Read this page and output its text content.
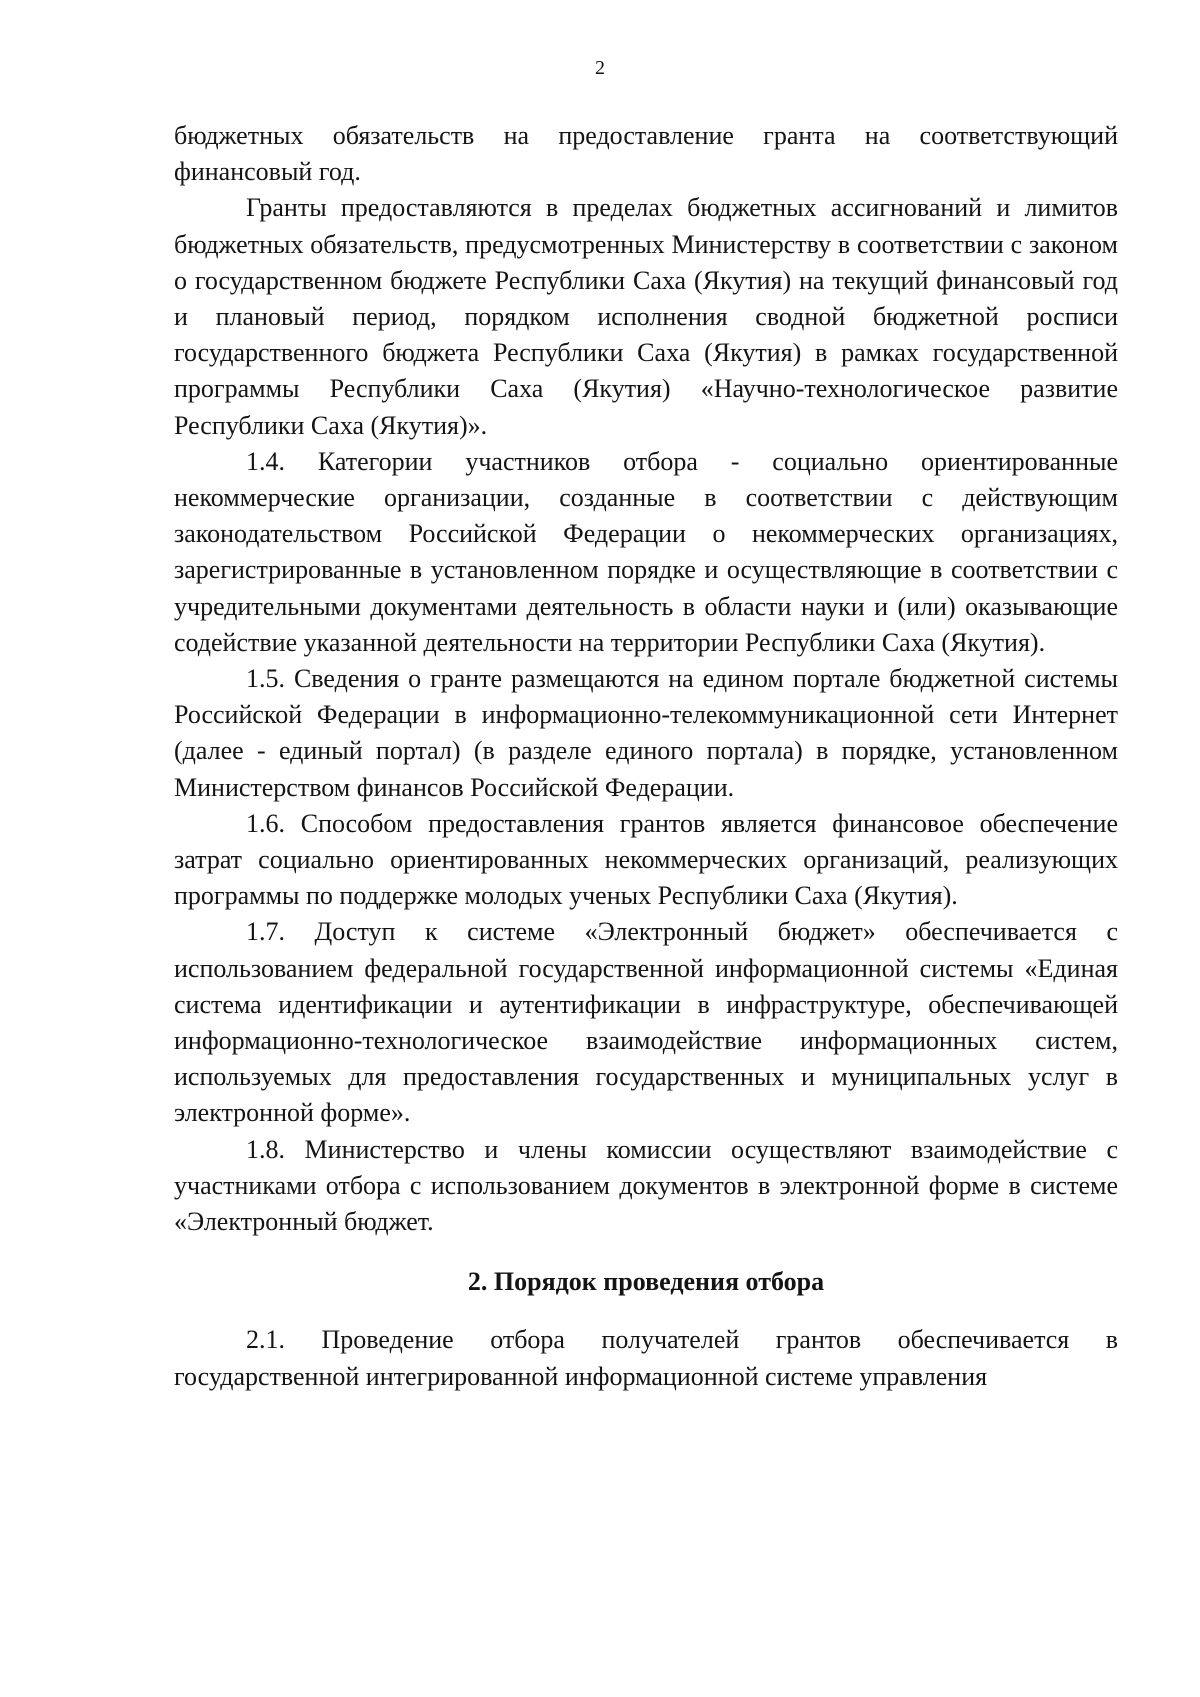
2

бюджетных обязательств на предоставление гранта на соответствующий финансовый год.

Гранты предоставляются в пределах бюджетных ассигнований и лимитов бюджетных обязательств, предусмотренных Министерству в соответствии с законом о государственном бюджете Республики Саха (Якутия) на текущий финансовый год и плановый период, порядком исполнения сводной бюджетной росписи государственного бюджета Республики Саха (Якутия) в рамках государственной программы Республики Саха (Якутия) «Научно-технологическое развитие Республики Саха (Якутия)».

1.4. Категории участников отбора - социально ориентированные некоммерческие организации, созданные в соответствии с действующим законодательством Российской Федерации о некоммерческих организациях, зарегистрированные в установленном порядке и осуществляющие в соответствии с учредительными документами деятельность в области науки и (или) оказывающие содействие указанной деятельности на территории Республики Саха (Якутия).

1.5. Сведения о гранте размещаются на едином портале бюджетной системы Российской Федерации в информационно-телекоммуникационной сети Интернет (далее - единый портал) (в разделе единого портала) в порядке, установленном Министерством финансов Российской Федерации.

1.6. Способом предоставления грантов является финансовое обеспечение затрат социально ориентированных некоммерческих организаций, реализующих программы по поддержке молодых ученых Республики Саха (Якутия).

1.7. Доступ к системе «Электронный бюджет» обеспечивается с использованием федеральной государственной информационной системы «Единая система идентификации и аутентификации в инфраструктуре, обеспечивающей информационно-технологическое взаимодействие информационных систем, используемых для предоставления государственных и муниципальных услуг в электронной форме».

1.8. Министерство и члены комиссии осуществляют взаимодействие с участниками отбора с использованием документов в электронной форме в системе «Электронный бюджет.

2. Порядок проведения отбора

2.1. Проведение отбора получателей грантов обеспечивается в государственной интегрированной информационной системе управления
